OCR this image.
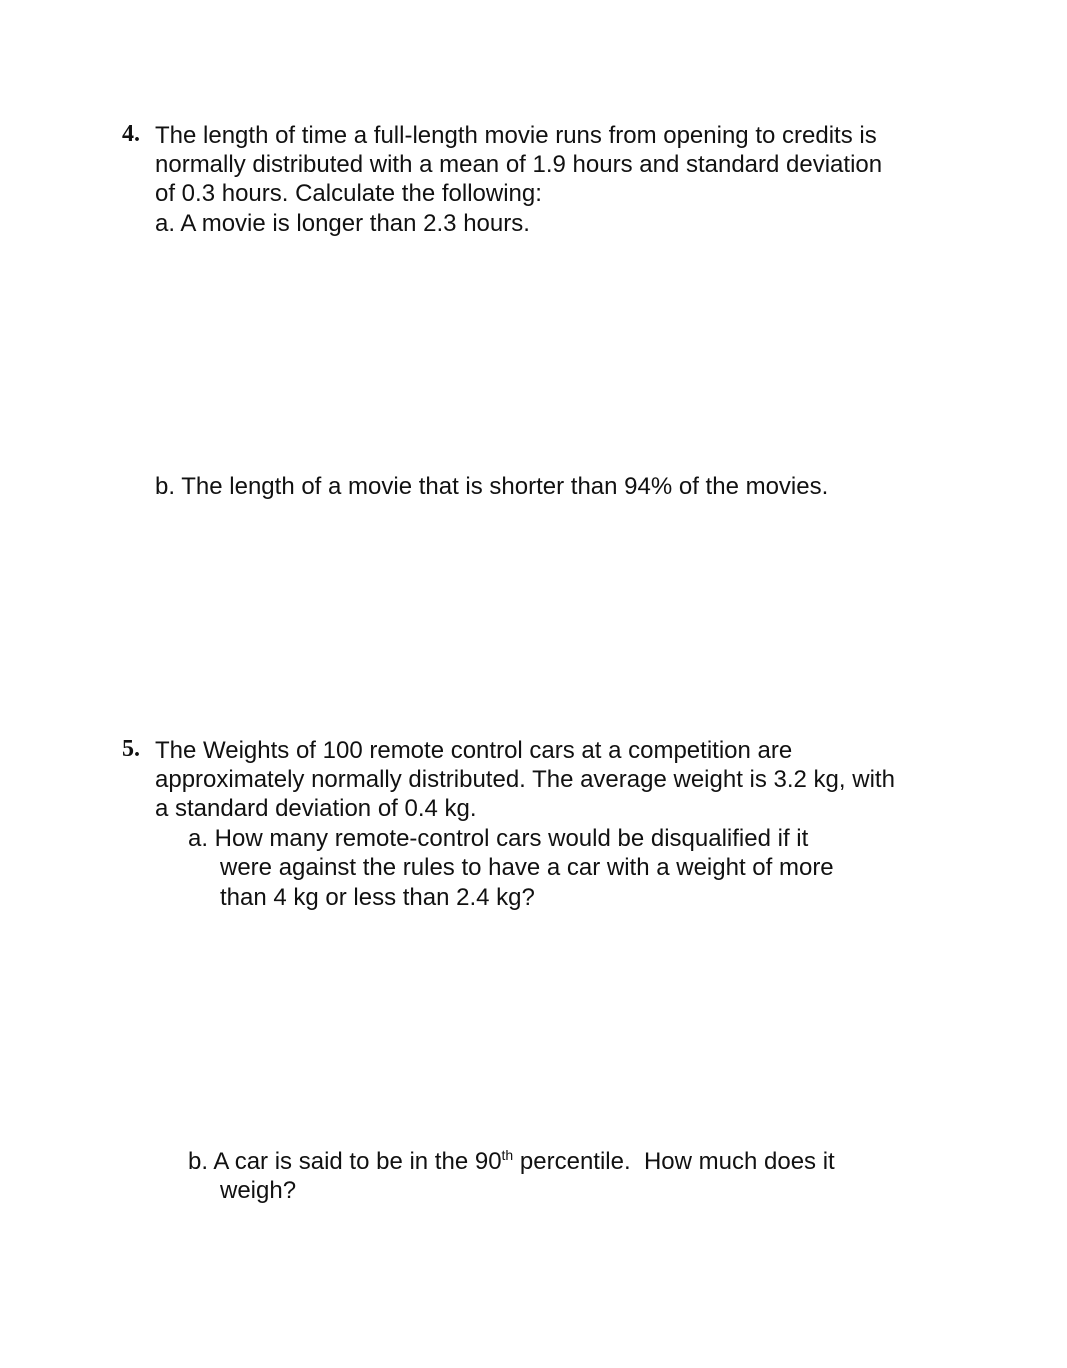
4. The length of time a full-length movie runs from opening to credits is
normally distributed with a mean of 1.9 hours and standard deviation
of 0.3 hours. Calculate the following:
a. A movie is longer than 2.3 hours.
b. The length of a movie that is shorter than 94% of the movies.
5. The Weights of 100 remote control cars at a competition are
approximately normally distributed. The average weight is 3.2 kg, with
a standard deviation of 0.4 kg.
a. How many remote-control cars would be disqualified if it
were against the rules to have a car with a weight of more
than 4 kg or less than 2.4 kg?
b. A car is said to be in the 90th percentile.  How much does it
weigh?
